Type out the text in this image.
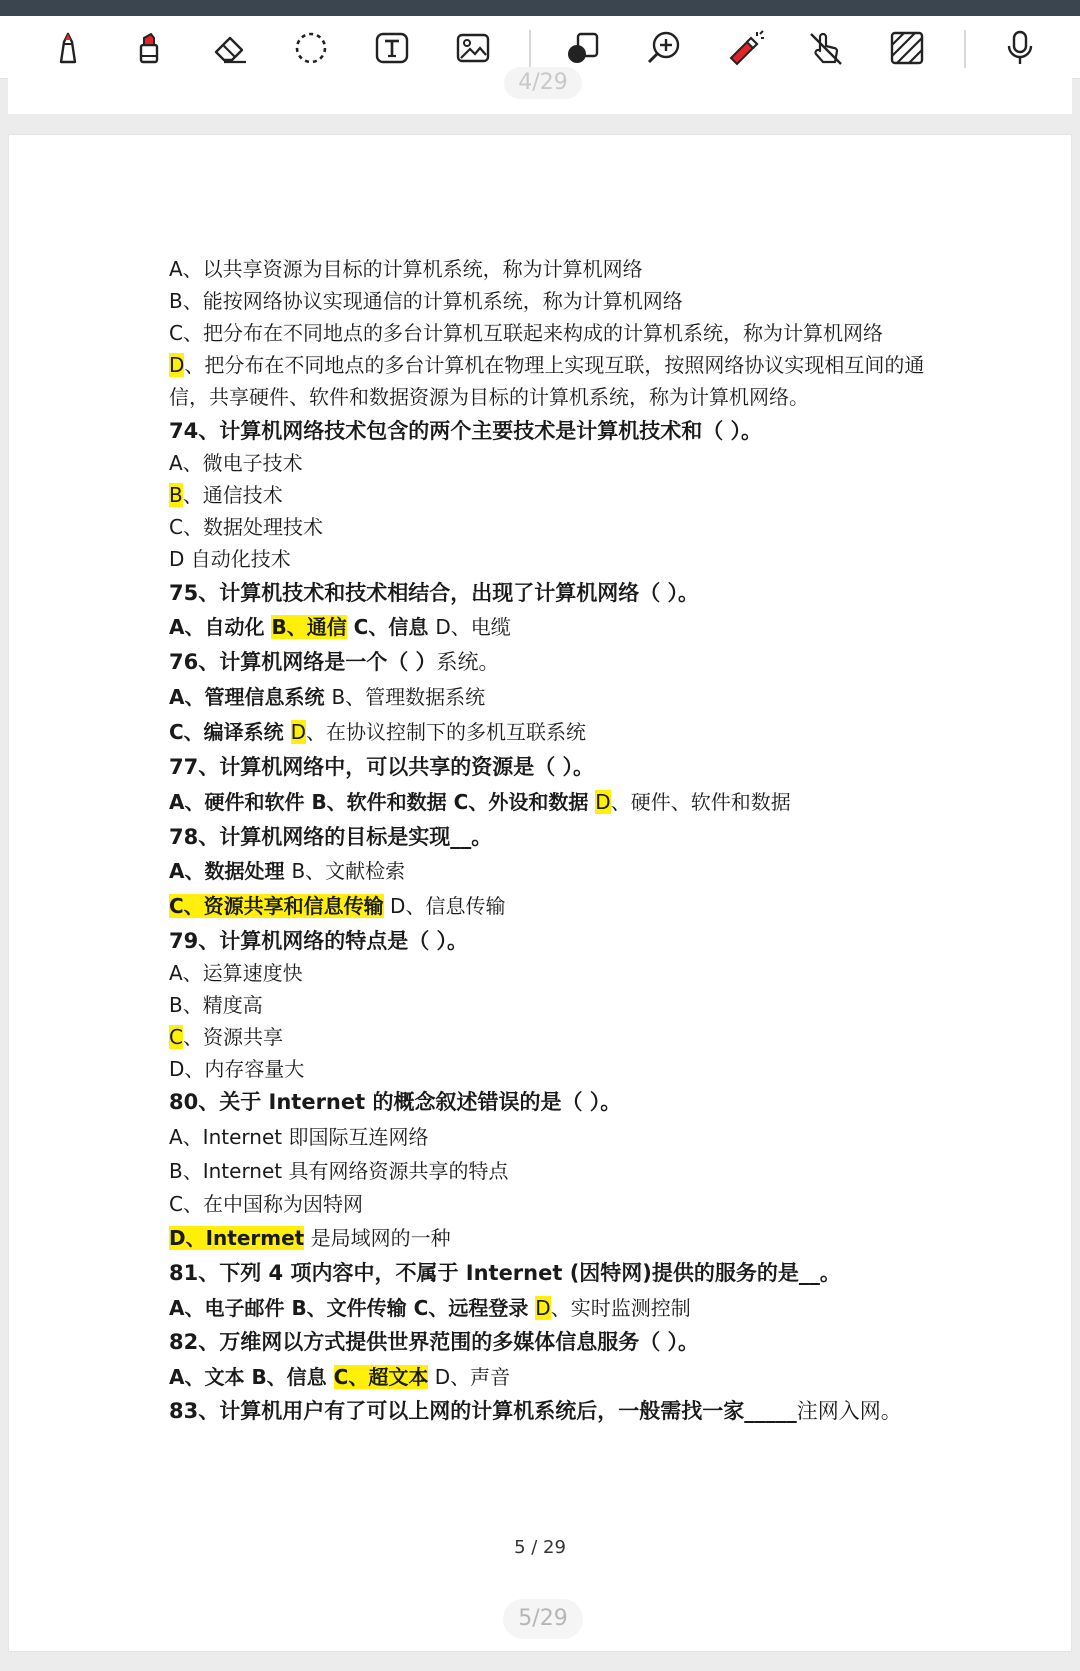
4/29
A、以共享资源为目标的计算机系统，称为计算机网络
B、能按网络协议实现通信的计算机系统，称为计算机网络
C、把分布在不同地点的多台计算机互联起来构成的计算机系统，称为计算机网络
D、把分布在不同地点的多台计算机在物理上实现互联，按照网络协议实现相互间的通
信，共享硬件、软件和数据资源为目标的计算机系统，称为计算机网络。
74、计算机网络技术包含的两个主要技术是计算机技术和（ ）。
A、微电子技术
B、通信技术
C、数据处理技术
D 自动化技术
75、计算机技术和技术相结合，出现了计算机网络（ ）。
A、自动化 B、通信 C、信息 D、电缆
76、计算机网络是一个（ ）系统。
A、管理信息系统 B、管理数据系统
C、编译系统 D、在协议控制下的多机互联系统
77、计算机网络中，可以共享的资源是（ ）。
A、硬件和软件 B、软件和数据 C、外设和数据 D、硬件、软件和数据
78、计算机网络的目标是实现__。
A、数据处理 B、文献检索
C、资源共享和信息传输 D、信息传输
79、计算机网络的特点是（ ）。
A、运算速度快
B、精度高
C、资源共享
D、内存容量大
80、关于 Internet 的概念叙述错误的是（ ）。
A、Internet 即国际互连网络
B、Internet 具有网络资源共享的特点
C、在中国称为因特网
D、Intermet 是局域网的一种
81、下列 4 项内容中，不属于 Internet (因特网)提供的服务的是__。
A、电子邮件 B、文件传输 C、远程登录 D、实时监测控制
82、万维网以方式提供世界范围的多媒体信息服务（ ）。
A、文本 B、信息 C、超文本 D、声音
83、计算机用户有了可以上网的计算机系统后，一般需找一家_____注网入网。
5 / 29
5/29
